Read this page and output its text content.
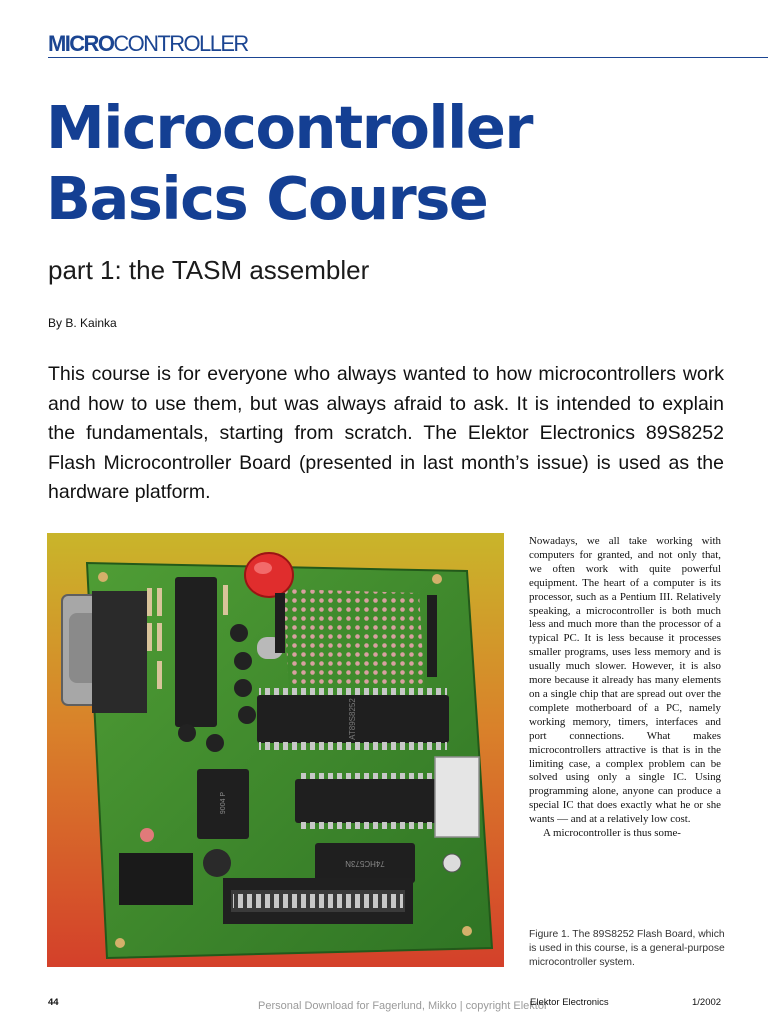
MICROCONTROLLER
Microcontroller
Basics Course
part 1: the TASM assembler
By B. Kainka
This course is for everyone who always wanted to how microcontrollers work and how to use them, but was always afraid to ask. It is intended to explain the fundamentals, starting from scratch. The Elektor Electronics 89S8252 Flash Microcontroller Board (presented in last month’s issue) is used as the hardware platform.
AT89S8252
74HC573N
9004 P

Nowadays, we all take working with computers for granted, and not only that, we often work with quite powerful equipment. The heart of a computer is its processor, such as a Pentium III. Relatively speaking, a microcontroller is both much less and much more than the processor of a typical PC. It is less because it processes smaller programs, uses less memory and is usually much slower. However, it is also more because it already has many elements on a single chip that are spread out over the complete motherboard of a PC, namely working memory, timers, interfaces and port connections. What makes microcontrollers attractive is that is in the limiting case, a complex problem can be solved using only a single IC. Using programming alone, anyone can produce a special IC that does exactly what he or she wants — and at a relatively low cost.

A microcontroller is thus some-

Figure 1. The 89S8252 Flash Board, which is used in this course, is a general-purpose microcontroller system.
44	Personal Download for Fagerlund, Mikko | copyright Elektor
Elektor Electronics	1/2002
